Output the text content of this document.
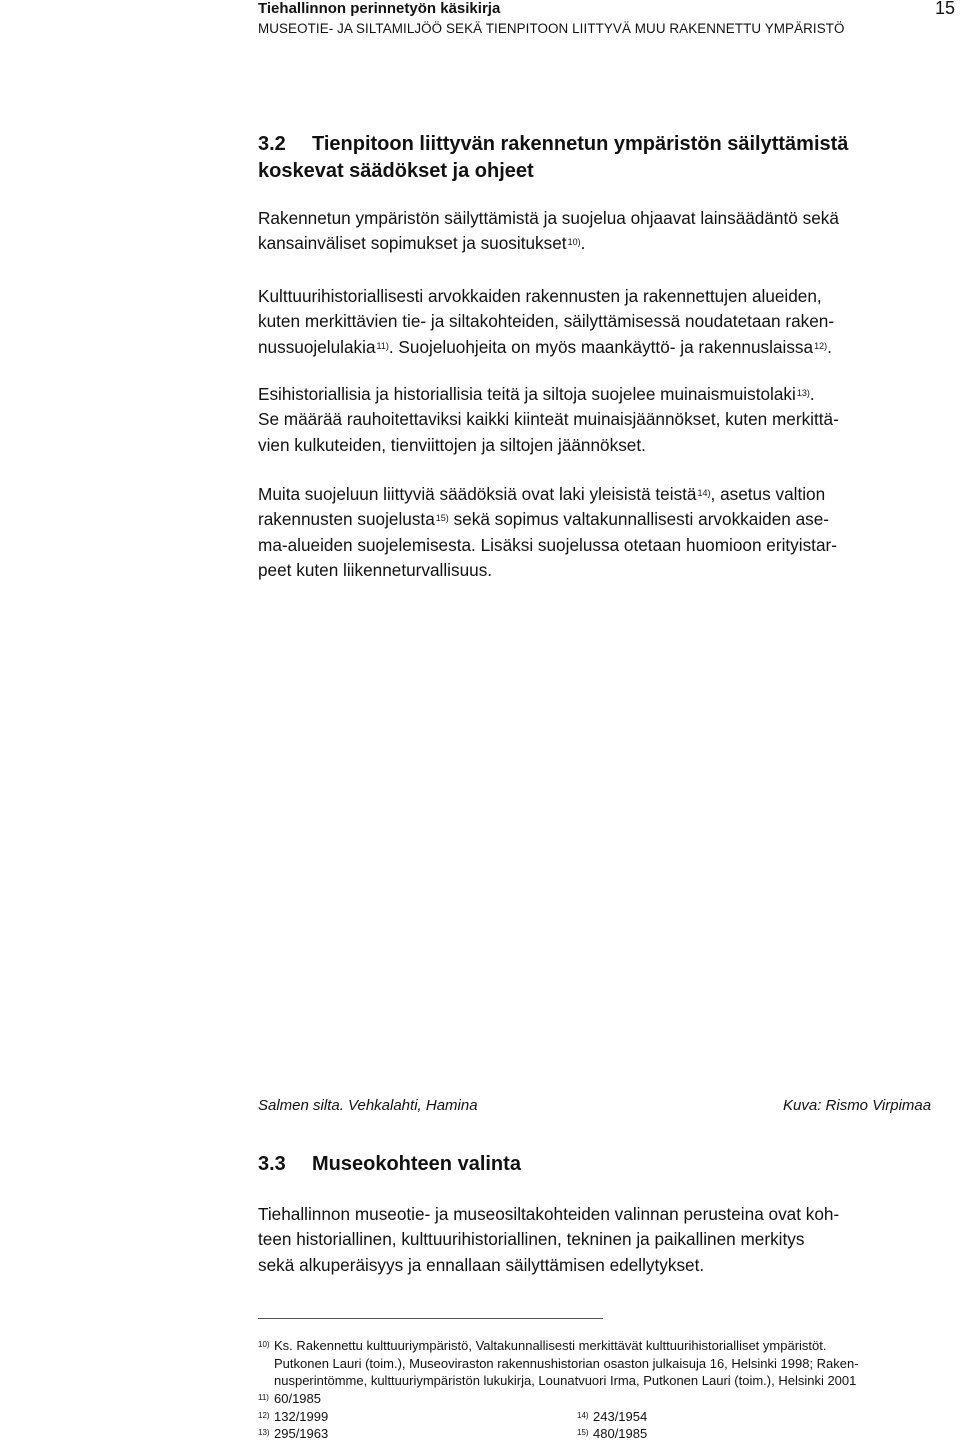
Tiehallinnon perinnetyön käsikirja	15
MUSEOTIE- JA SILTAMILJÖÖ SEKÄ TIENPITOON LIITTYVÄ MUU RAKENNETTU YMPÄRISTÖ
3.2 Tienpitoon liittyvän rakennetun ympäristön säilyttämistä
koskevat säädökset ja ohjeet
Rakennetun ympäristön säilyttämistä ja suojelua ohjaavat lainsäädäntö sekä
kansainväliset sopimukset ja suositukset$^{10)}$.
Kulttuurihistoriallisesti arvokkaiden rakennusten ja rakennettujen alueiden,
kuten merkittävien tie- ja siltakohteiden, säilyttämisessä noudatetaan raken-
nussuojelulakia$^{11)}$. Suojeluohjeita on myös maankäyttö- ja rakennuslaissa$^{12)}$.
Esihistoriallisia ja historiallisia teitä ja siltoja suojelee muinaismuistolaki$^{13)}$.
Se määrää rauhoitettaviksi kaikki kiinteät muinaisjäännökset, kuten merkittä-
vien kulkuteiden, tienviittojen ja siltojen jäännökset.
Muita suojeluun liittyviä säädöksiä ovat laki yleisistä teistä$^{14)}$, asetus valtion
rakennusten suojelusta$^{15)}$ sekä sopimus valtakunnallisesti arvokkaiden ase-
ma-alueiden suojelemisesta. Lisäksi suojelussa otetaan huomioon erityistar-
peet kuten liikenneturvallisuus.
Salmen silta. Vehkalahti, Hamina	Kuva: Rismo Virpimaa
3.3 Museokohteen valinta
Tiehallinnon museotie- ja museosiltakohteiden valinnan perusteina ovat koh-
teen historiallinen, kulttuurihistoriallinen, tekninen ja paikallinen merkitys
sekä alkuperäisyys ja ennallaan säilyttämisen edellytykset.
10) Ks. Rakennettu kulttuuriympäristö, Valtakunnallisesti merkittävät kulttuurihistorialliset ympäristöt.
Putkonen Lauri (toim.), Museoviraston rakennushistorian osaston julkaisuja 16, Helsinki 1998; Raken-
nusperintömme, kulttuuriympäristön lukukirja, Lounatvuori Irma, Putkonen Lauri (toim.), Helsinki 2001
11) 60/1985
12) 132/1999
13) 295/1963
14) 243/1954
15) 480/1985
